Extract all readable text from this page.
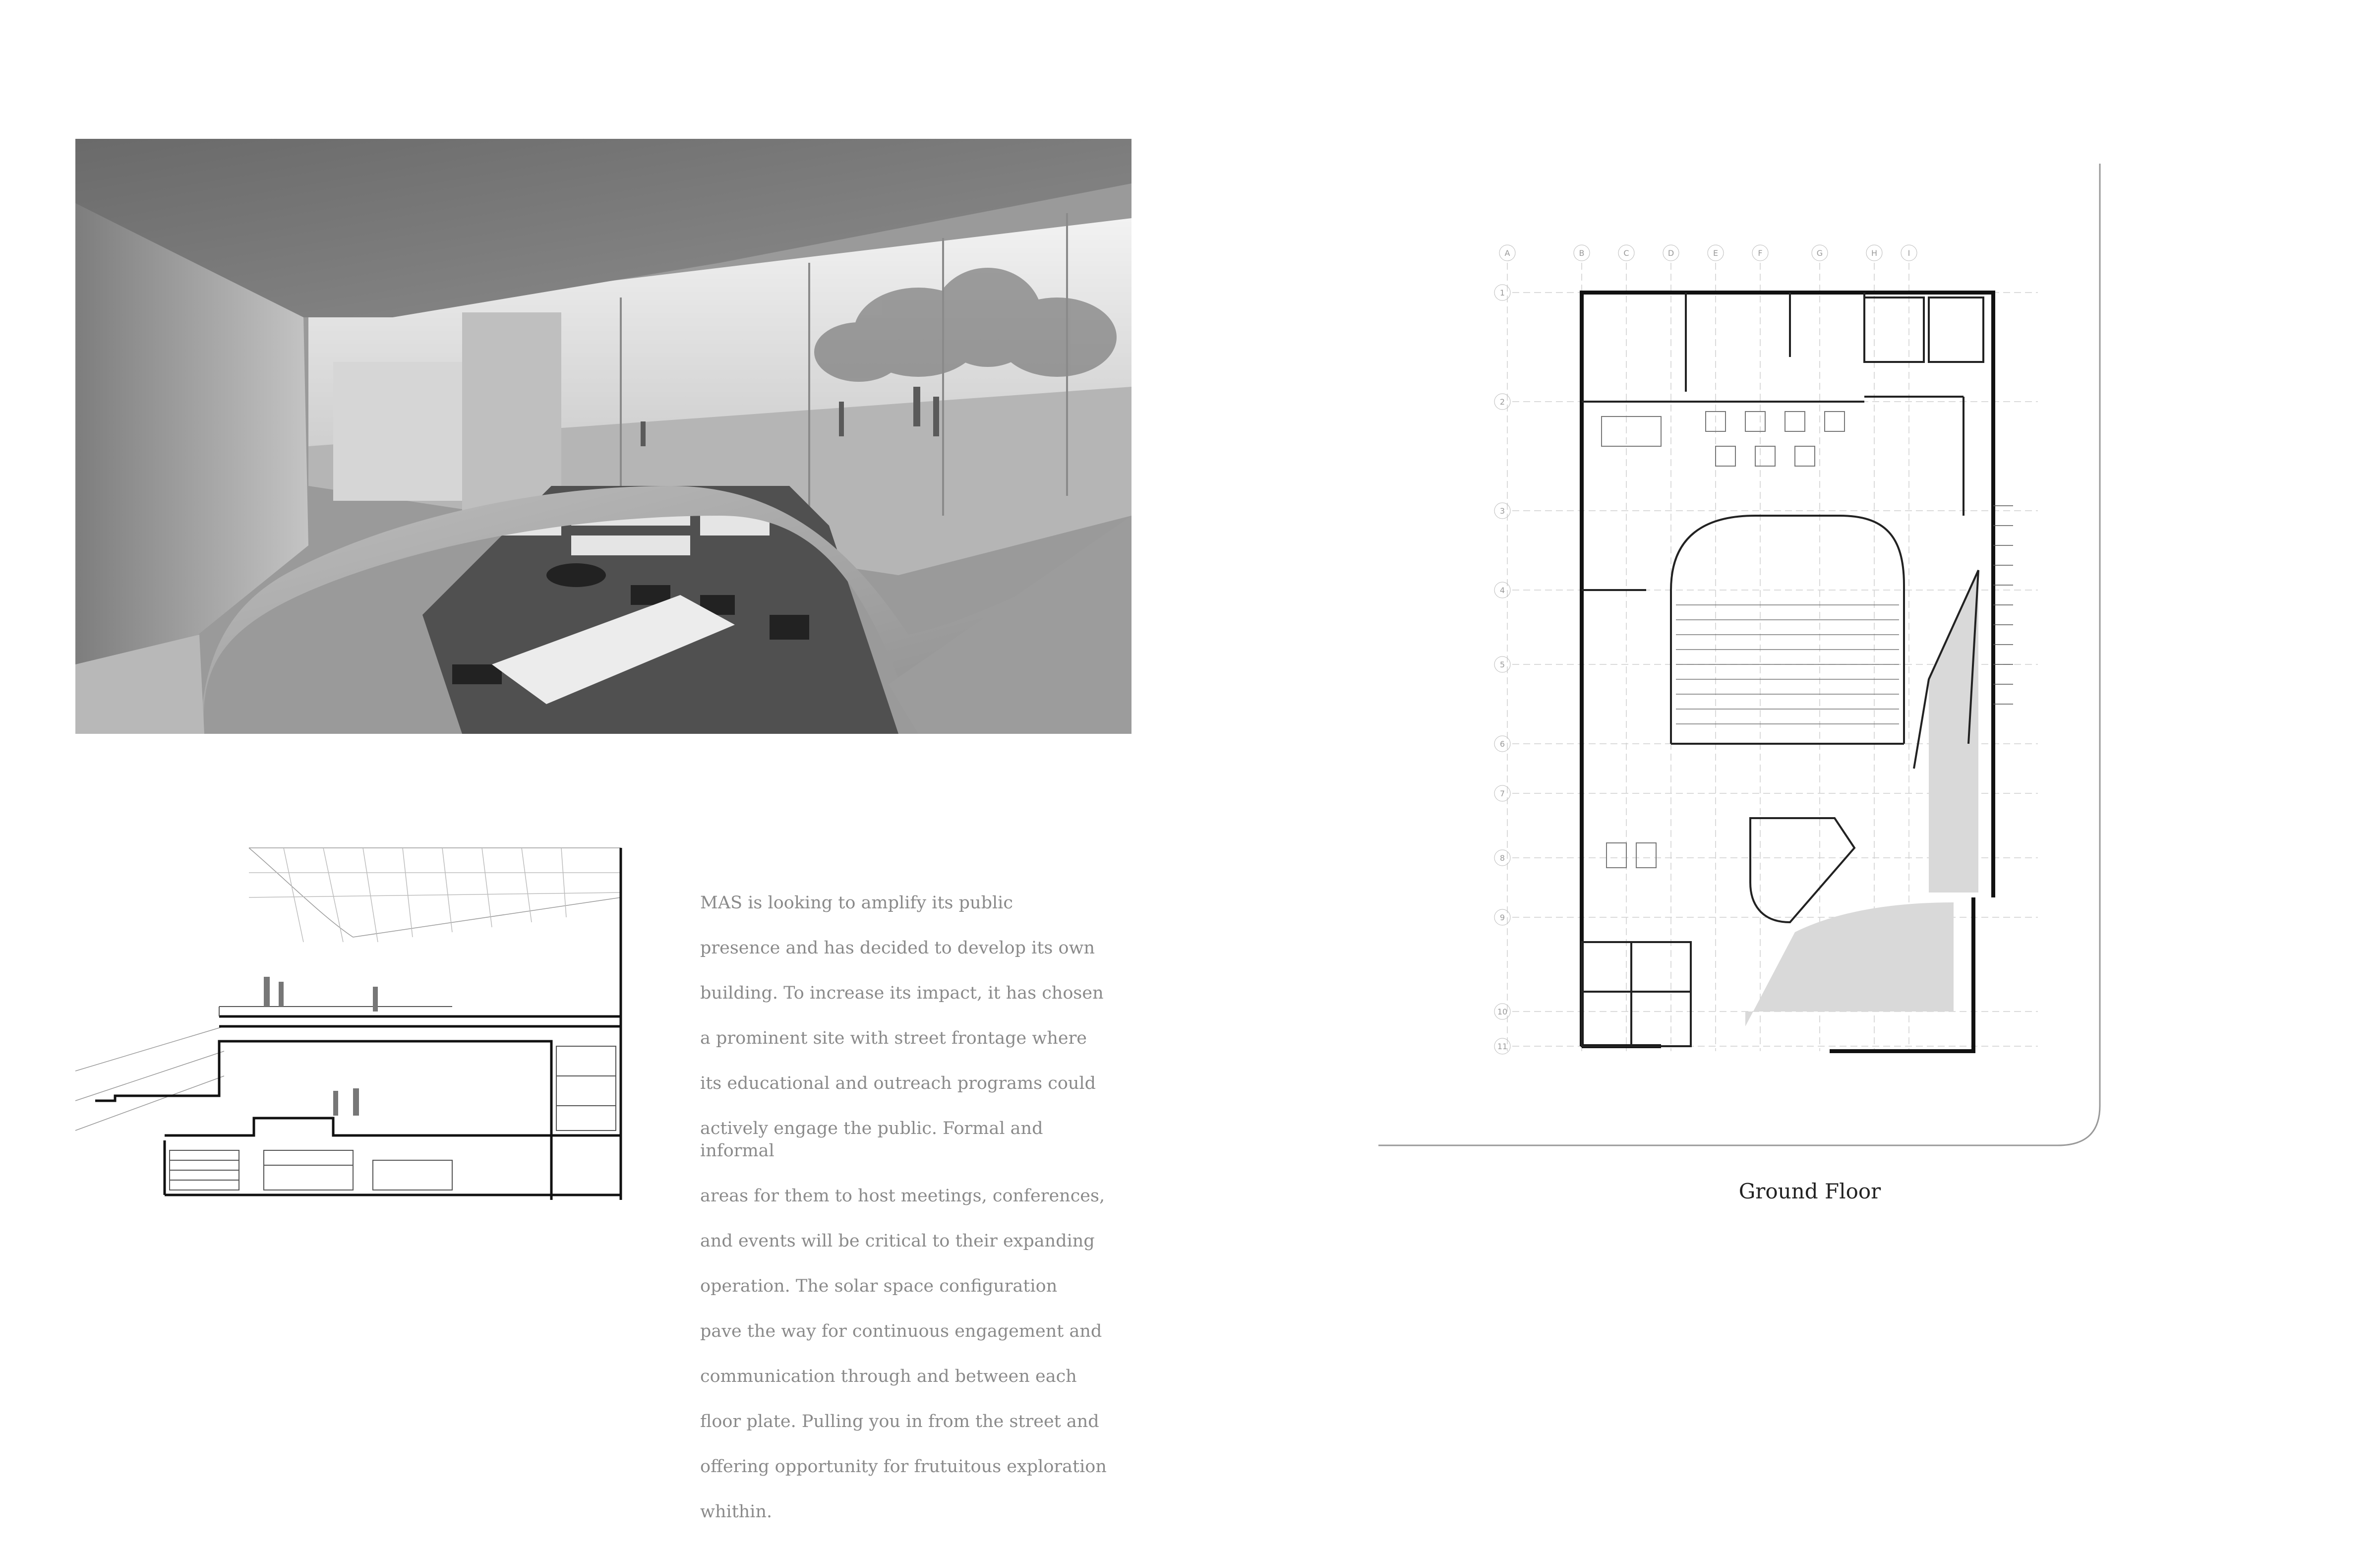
MAS is looking to amplify its public

presence and has decided to develop its own

building. To increase its impact, it has chosen

a prominent site with street frontage where

its educational and outreach programs could

actively engage the public. Formal and informal

areas for them to host meetings, conferences,

and events will be critical to their expanding

operation. The solar space configuration

pave the way for continuous engagement and

communication through and between each

floor plate. Pulling you in from the street and

offering opportunity for frutuitous exploration

whithin.

A	B	C	D	E	F	G	H	I
1
2
3
4
5
6
7
8
9
10
11
Ground Floor
